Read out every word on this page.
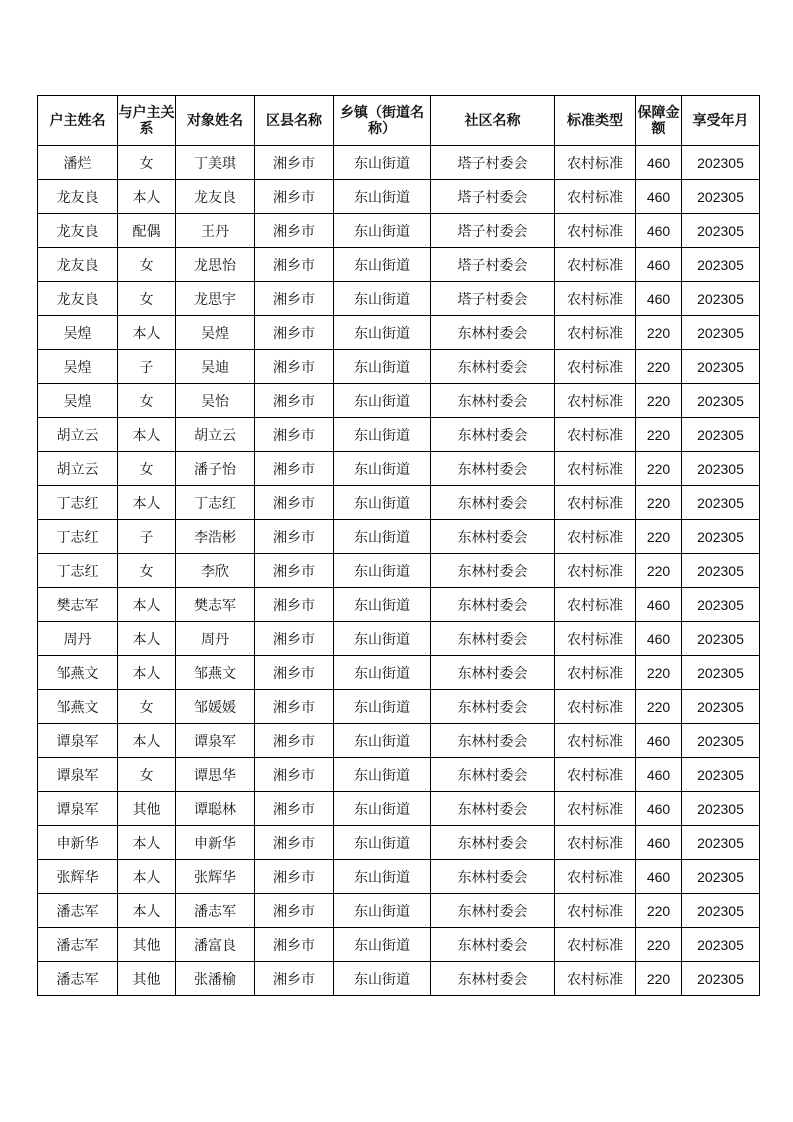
户主姓名	与户主关系	对象姓名	区县名称	乡镇（街道名称）	社区名称	标准类型	保障金额	享受年月
潘烂	女	丁美琪	湘乡市	东山街道	塔子村委会	农村标准	460	202305
龙友良	本人	龙友良	湘乡市	东山街道	塔子村委会	农村标准	460	202305
龙友良	配偶	王丹	湘乡市	东山街道	塔子村委会	农村标准	460	202305
龙友良	女	龙思怡	湘乡市	东山街道	塔子村委会	农村标准	460	202305
龙友良	女	龙思宇	湘乡市	东山街道	塔子村委会	农村标准	460	202305
吴煌	本人	吴煌	湘乡市	东山街道	东林村委会	农村标准	220	202305
吴煌	子	吴迪	湘乡市	东山街道	东林村委会	农村标准	220	202305
吴煌	女	吴怡	湘乡市	东山街道	东林村委会	农村标准	220	202305
胡立云	本人	胡立云	湘乡市	东山街道	东林村委会	农村标准	220	202305
胡立云	女	潘子怡	湘乡市	东山街道	东林村委会	农村标准	220	202305
丁志红	本人	丁志红	湘乡市	东山街道	东林村委会	农村标准	220	202305
丁志红	子	李浩彬	湘乡市	东山街道	东林村委会	农村标准	220	202305
丁志红	女	李欣	湘乡市	东山街道	东林村委会	农村标准	220	202305
樊志军	本人	樊志军	湘乡市	东山街道	东林村委会	农村标准	460	202305
周丹	本人	周丹	湘乡市	东山街道	东林村委会	农村标准	460	202305
邹燕文	本人	邹燕文	湘乡市	东山街道	东林村委会	农村标准	220	202305
邹燕文	女	邹媛媛	湘乡市	东山街道	东林村委会	农村标准	220	202305
谭泉军	本人	谭泉军	湘乡市	东山街道	东林村委会	农村标准	460	202305
谭泉军	女	谭思华	湘乡市	东山街道	东林村委会	农村标准	460	202305
谭泉军	其他	谭聪林	湘乡市	东山街道	东林村委会	农村标准	460	202305
申新华	本人	申新华	湘乡市	东山街道	东林村委会	农村标准	460	202305
张辉华	本人	张辉华	湘乡市	东山街道	东林村委会	农村标准	460	202305
潘志军	本人	潘志军	湘乡市	东山街道	东林村委会	农村标准	220	202305
潘志军	其他	潘富良	湘乡市	东山街道	东林村委会	农村标准	220	202305
潘志军	其他	张潘榆	湘乡市	东山街道	东林村委会	农村标准	220	202305
